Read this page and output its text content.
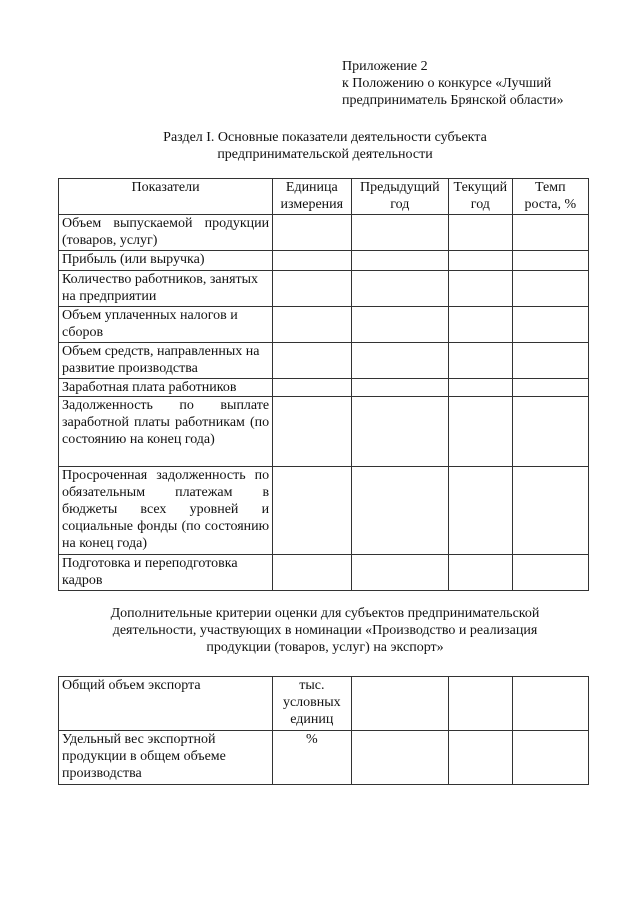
Приложение 2
к Положению о конкурсе «Лучший
предприниматель Брянской области»
Раздел I. Основные показатели деятельности субъекта
предпринимательской деятельности
Показатели	Единица измерения	Предыдущий год	Текущий год	Темп роста, %
Объем выпускаемой продукции (товаров, услуг)				
Прибыль (или выручка)				
Количество работников, занятых на предприятии				
Объем уплаченных налогов и сборов				
Объем средств, направленных на развитие производства				
Заработная плата работников				
Задолженность по выплате заработной платы работникам (по состоянию на конец года)				
Просроченная задолженность по обязательным платежам в бюджеты всех уровней и социальные фонды (по состоянию на конец года)				
Подготовка и переподготовка кадров				
Дополнительные критерии оценки для субъектов предпринимательской
деятельности, участвующих в номинации «Производство и реализация
продукции (товаров, услуг) на экспорт»
Общий объем экспорта	тыс. условных единиц			
Удельный вес экспортной продукции в общем объеме производства	%			
